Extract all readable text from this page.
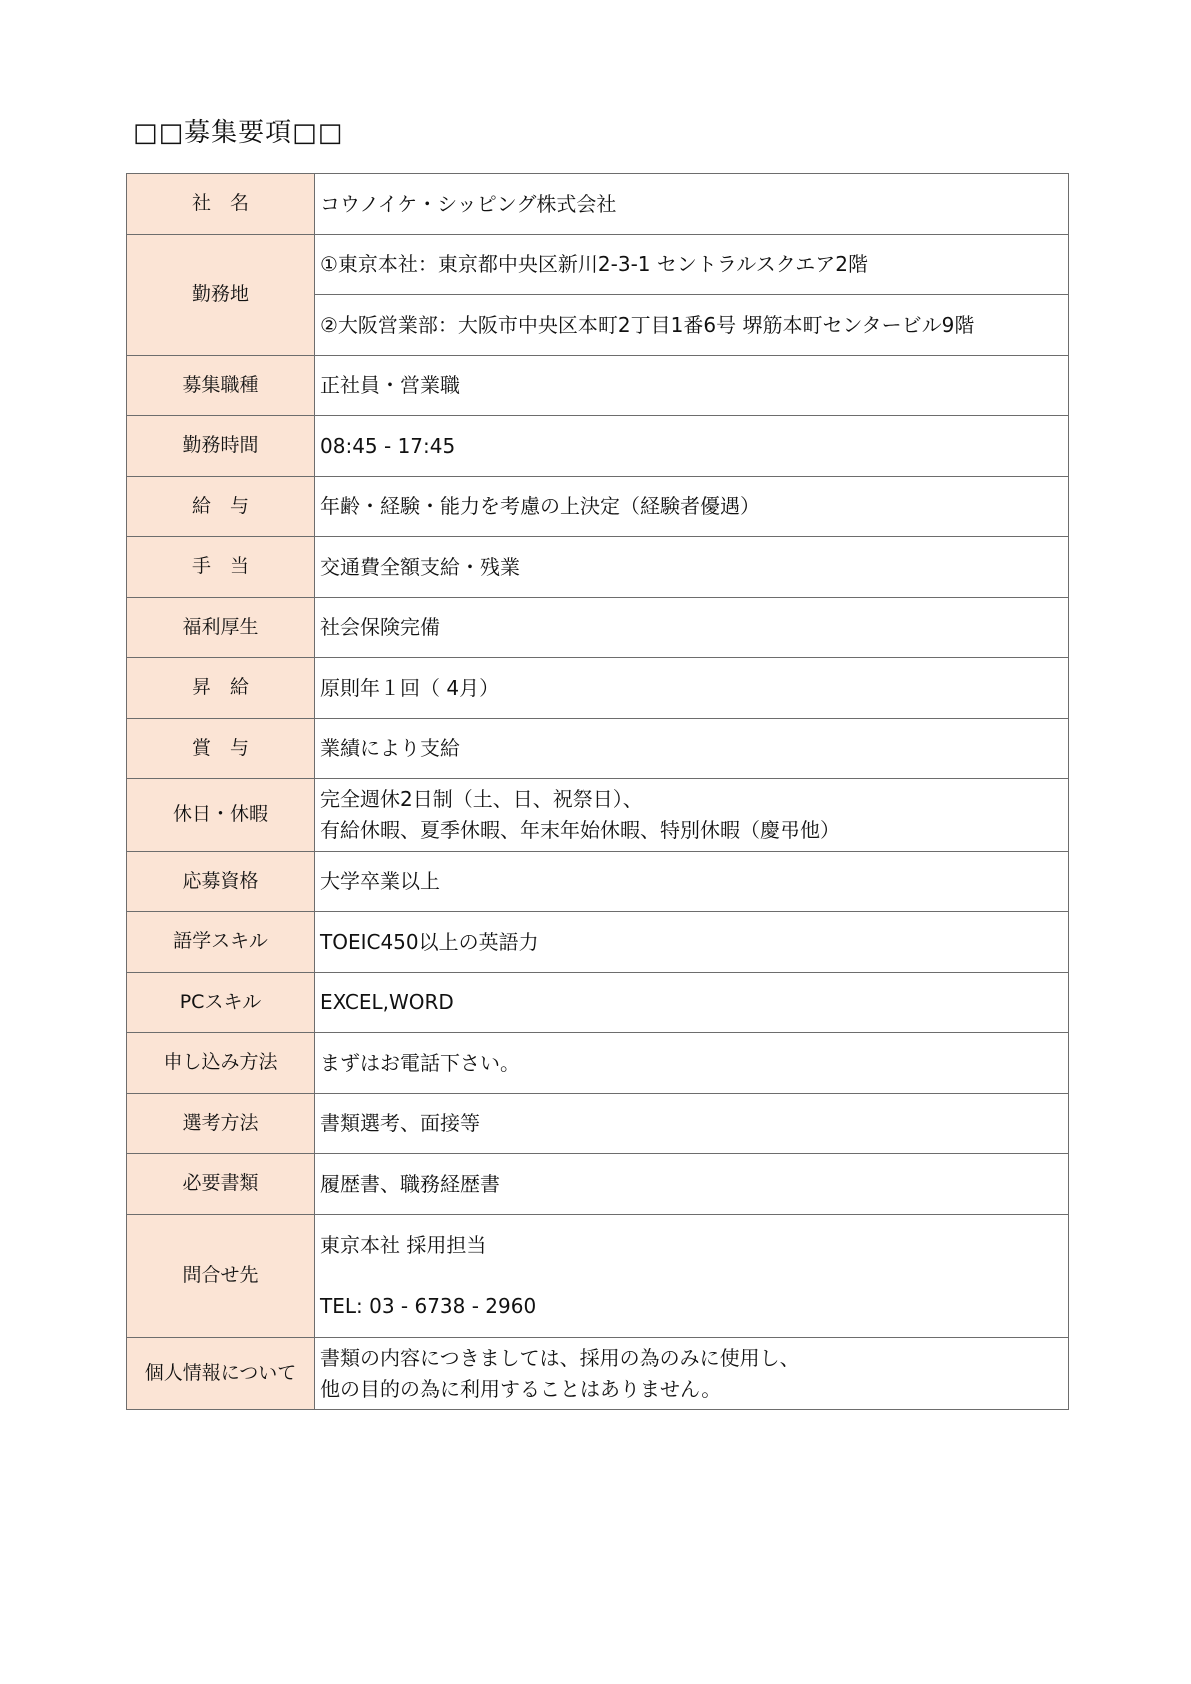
□□募集要項□□
社　名	コウノイケ・シッピング株式会社
勤務地	①東京本社：東京都中央区新川2-3-1 セントラルスクエア2階
	②大阪営業部：大阪市中央区本町2丁目1番6号 堺筋本町センタービル9階
募集職種	正社員・営業職
勤務時間	08:45 - 17:45
給　与	年齢・経験・能力を考慮の上決定（経験者優遇）
手　当	交通費全額支給・残業
福利厚生	社会保険完備
昇　給	原則年１回（ 4月）
賞　与	業績により支給
休日・休暇	完全週休2日制（土、日、祝祭日）、
有給休暇、夏季休暇、年末年始休暇、特別休暇（慶弔他）

応募資格	大学卒業以上
語学スキル	TOEIC450以上の英語力
PCスキル	EXCEL,WORD
申し込み方法	まずはお電話下さい。
選考方法	書類選考、面接等
必要書類	履歴書、職務経歴書
問合せ先	東京本社 採用担当
TEL: 03 - 6738 - 2960

個人情報について	書類の内容につきましては、採用の為のみに使用し、
他の目的の為に利用することはありません。
